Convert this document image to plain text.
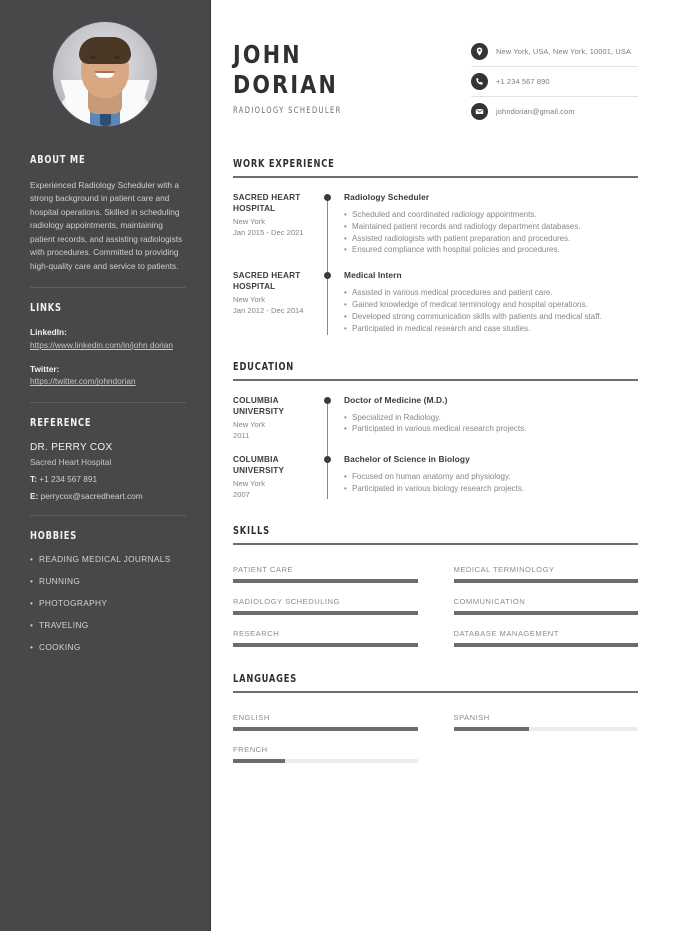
ABOUT ME
Experienced Radiology Scheduler with a strong background in patient care and hospital operations. Skilled in scheduling radiology appointments, maintaining patient records, and assisting radiologists with procedures. Committed to providing high-quality care and service to patients.
LINKS
LinkedIn:
https://www.linkedin.com/in/john dorian
Twitter:
https://twitter.com/johndorian
REFERENCE
DR. PERRY COX
Sacred Heart Hospital
T: +1 234 567 891
E: perrycox@sacredheart.com
HOBBIES
• READING MEDICAL JOURNALS
• RUNNING
• PHOTOGRAPHY
• TRAVELING
• COOKING
JOHN
DORIAN
RADIOLOGY SCHEDULER
New York, USA, New York, 10001, USA
+1 234 567 890
johndorian@gmail.com
WORK EXPERIENCE
SACRED HEART HOSPITAL
New York
Jan 2015 - Dec 2021
Radiology Scheduler
• Scheduled and coordinated radiology appointments.
• Maintained patient records and radiology department databases.
• Assisted radiologists with patient preparation and procedures.
• Ensured compliance with hospital policies and procedures.
SACRED HEART HOSPITAL
New York
Jan 2012 - Dec 2014
Medical Intern
• Assisted in various medical procedures and patient care.
• Gained knowledge of medical terminology and hospital operations.
• Developed strong communication skills with patients and medical staff.
• Participated in medical research and case studies.
EDUCATION
COLUMBIA UNIVERSITY
New York
2011
Doctor of Medicine (M.D.)
• Specialized in Radiology.
• Participated in various medical research projects.
COLUMBIA UNIVERSITY
New York
2007
Bachelor of Science in Biology
• Focused on human anatomy and physiology.
• Participated in various biology research projects.
SKILLS
PATIENT CARE	MEDICAL TERMINOLOGY
RADIOLOGY SCHEDULING	COMMUNICATION
RESEARCH	DATABASE MANAGEMENT
LANGUAGES
ENGLISH	SPANISH
FRENCH
